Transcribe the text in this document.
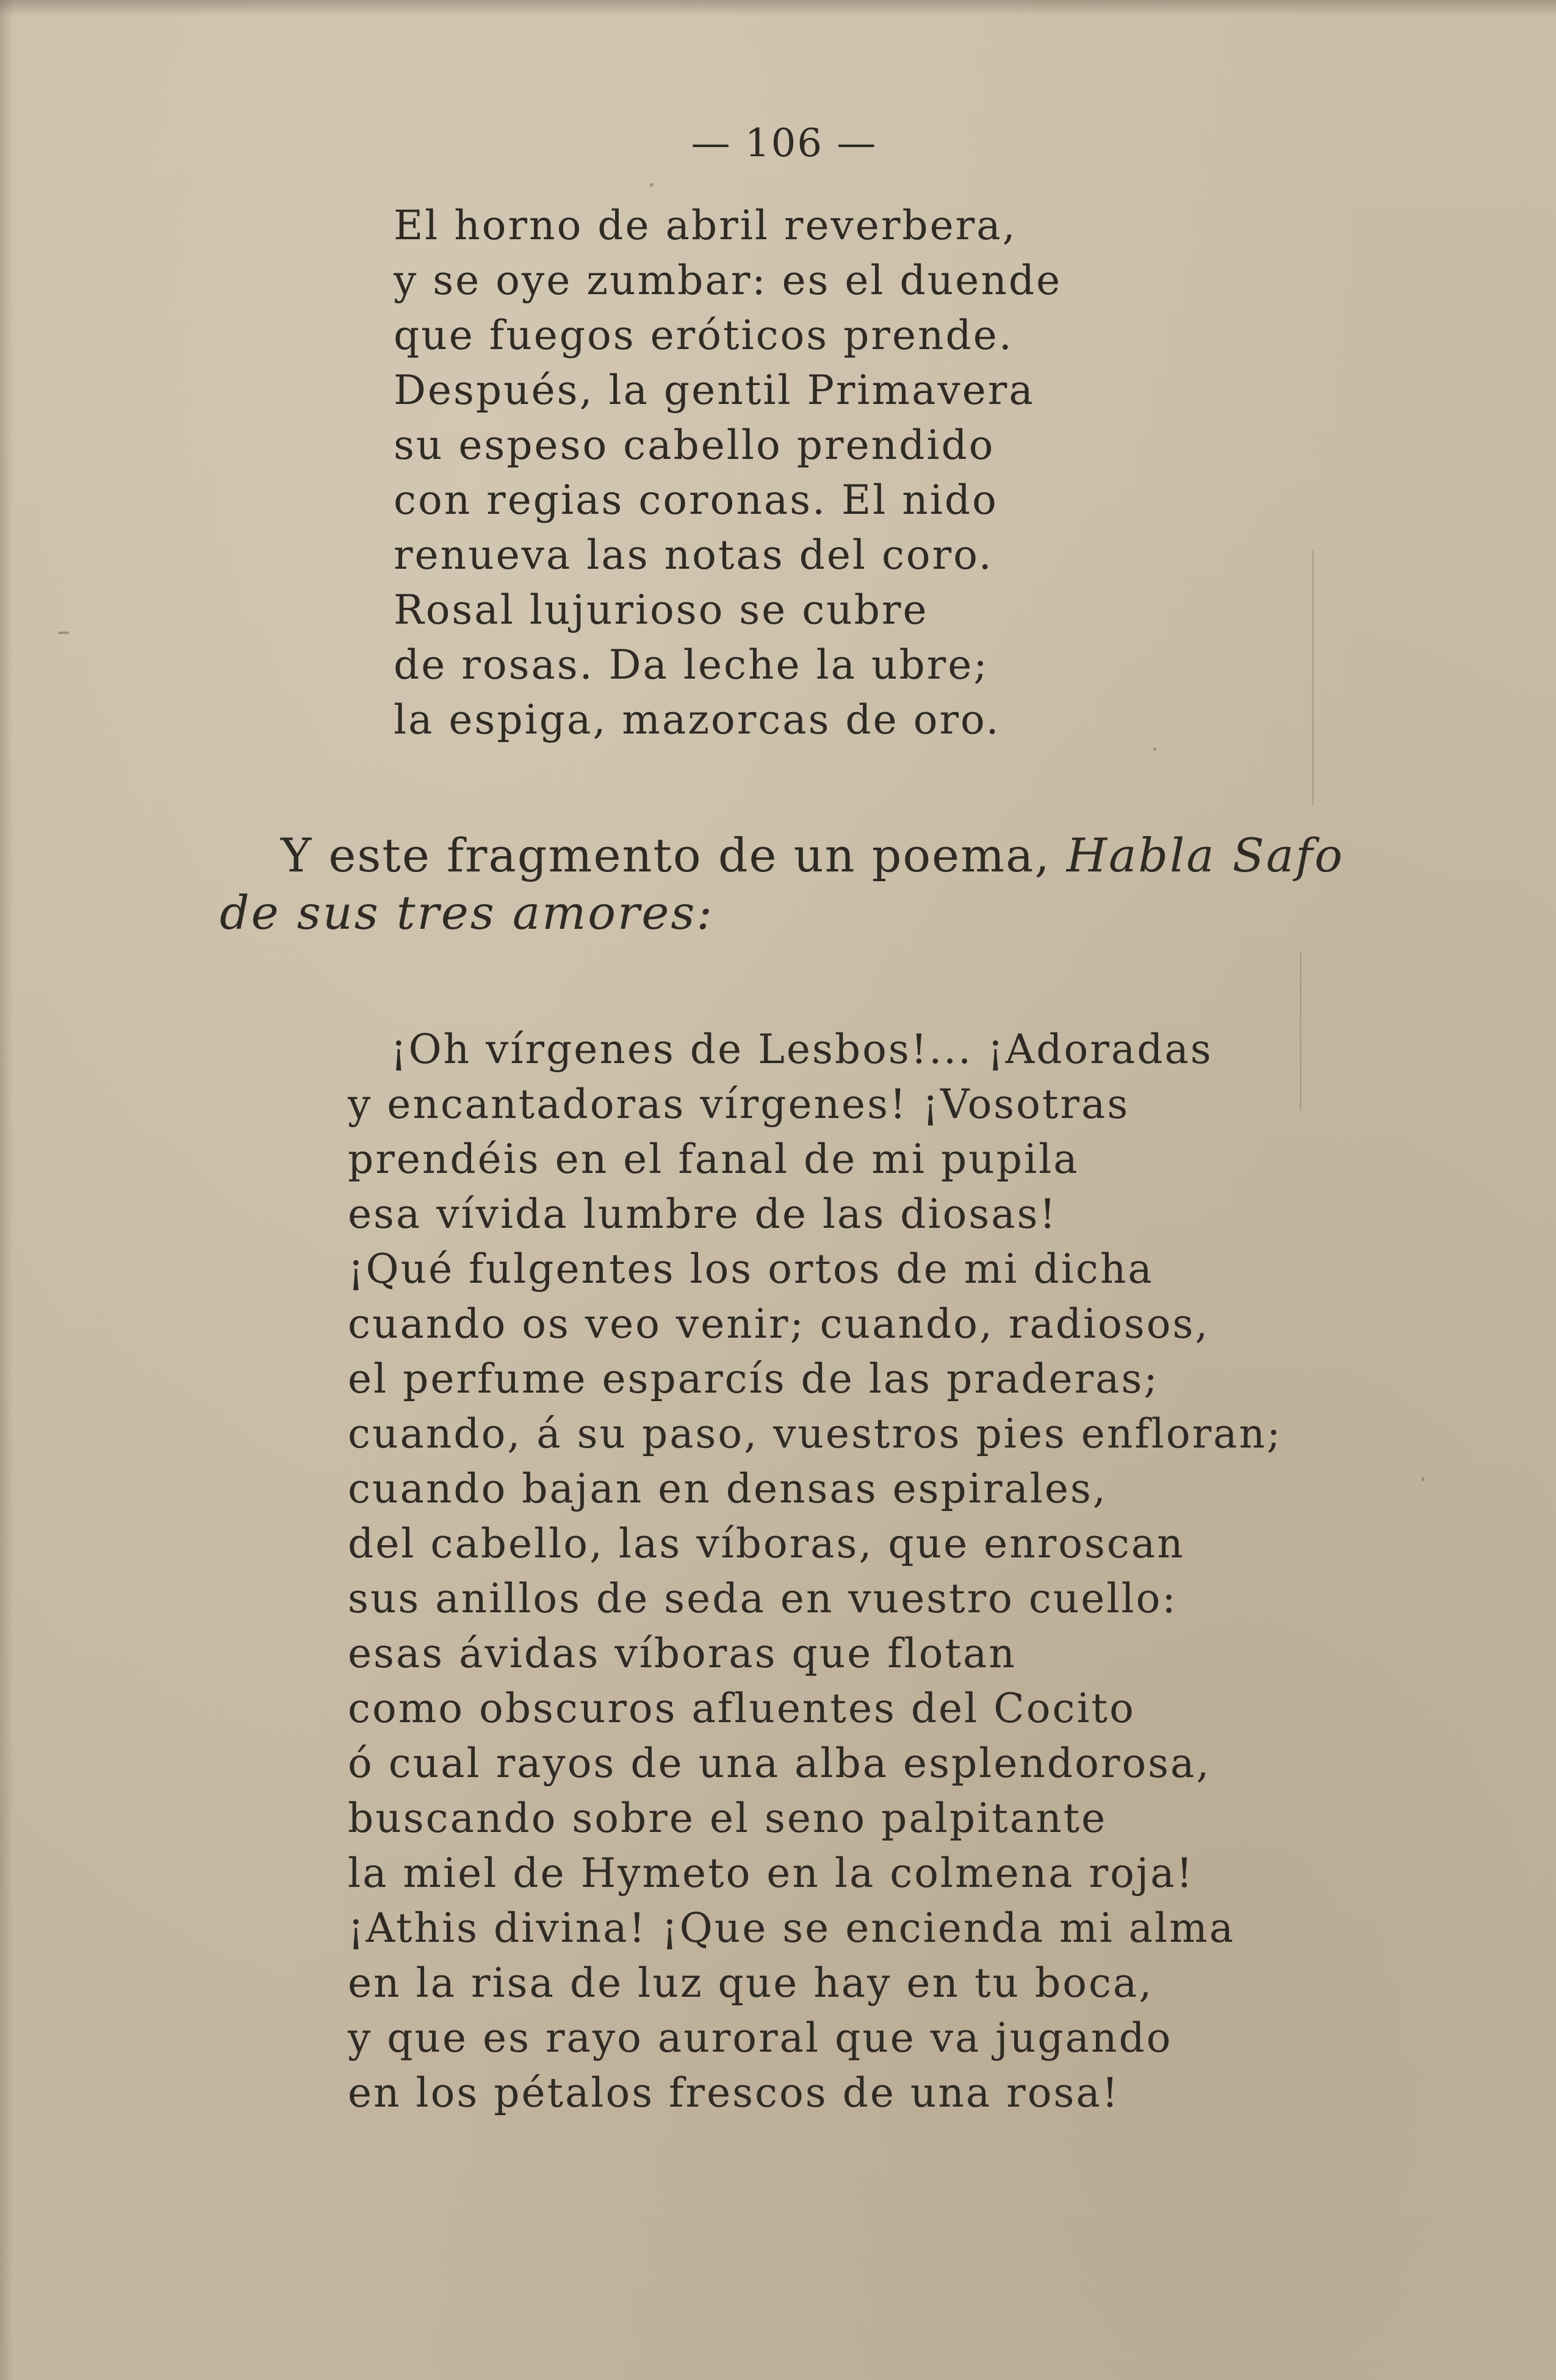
— 106 —
El horno de abril reverbera,
y se oye zumbar: es el duende
que fuegos eróticos prende.
Después, la gentil Primavera
su espeso cabello prendido
con regias coronas. El nido
renueva las notas del coro.
Rosal lujurioso se cubre
de rosas. Da leche la ubre;
la espiga, mazorcas de oro.
Y este fragmento de un poema, Habla Safo
de sus tres amores:
¡Oh vírgenes de Lesbos!... ¡Adoradas
y encantadoras vírgenes! ¡Vosotras
prendéis en el fanal de mi pupila
esa vívida lumbre de las diosas!
¡Qué fulgentes los ortos de mi dicha
cuando os veo venir; cuando, radiosos,
el perfume esparcís de las praderas;
cuando, á su paso, vuestros pies enfloran;
cuando bajan en densas espirales,
del cabello, las víboras, que enroscan
sus anillos de seda en vuestro cuello:
esas ávidas víboras que flotan
como obscuros afluentes del Cocito
ó cual rayos de una alba esplendorosa,
buscando sobre el seno palpitante
la miel de Hymeto en la colmena roja!
¡Athis divina! ¡Que se encienda mi alma
en la risa de luz que hay en tu boca,
y que es rayo auroral que va jugando
en los pétalos frescos de una rosa!
